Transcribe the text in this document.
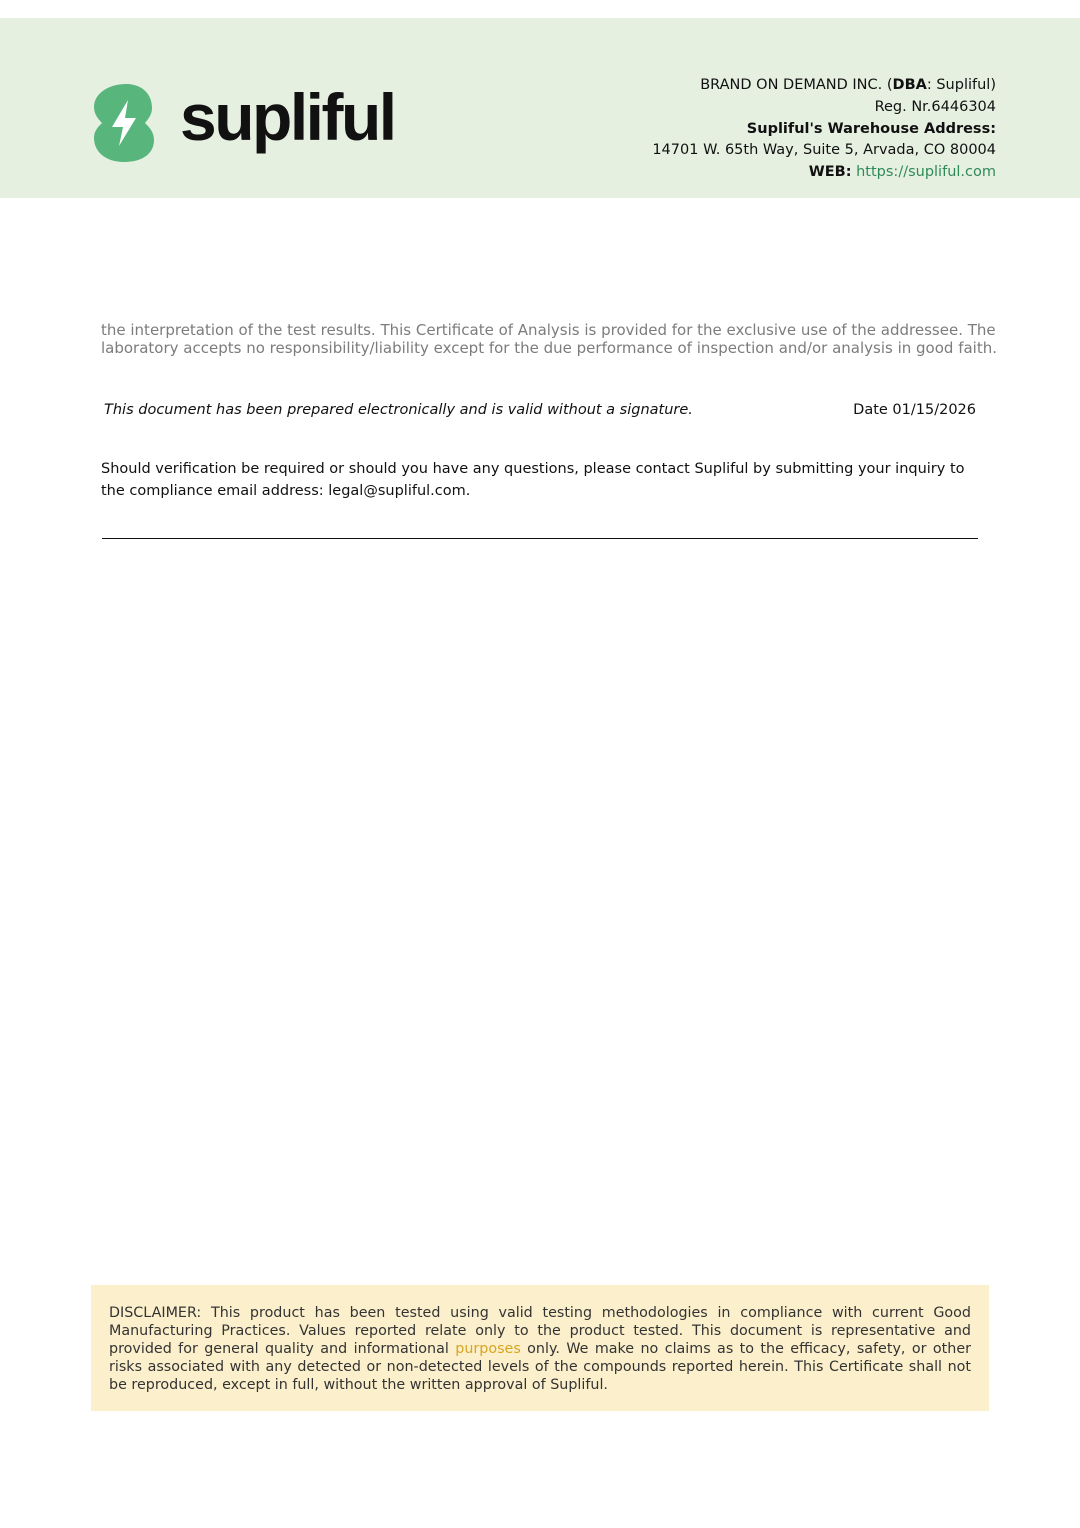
supliful	BRAND ON DEMAND INC. (DBA: Supliful)
Reg. Nr.6446304
Supliful's Warehouse Address:
14701 W. 65th Way, Suite 5, Arvada, CO 80004
WEB: https://supliful.com
the interpretation of the test results. This Certificate of Analysis is provided for the exclusive use of the addressee. The laboratory accepts no responsibility/liability except for the due performance of inspection and/or analysis in good faith.
This document has been prepared electronically and is valid without a signature.	Date 01/15/2026
Should verification be required or should you have any questions, please contact Supliful by submitting your inquiry to the compliance email address: legal@supliful.com.

DISCLAIMER: This product has been tested using valid testing methodologies in compliance with current Good Manufacturing Practices. Values reported relate only to the product tested. This document is representative and provided for general quality and informational purposes only. We make no claims as to the efficacy, safety, or other risks associated with any detected or non-detected levels of the compounds reported herein. This Certificate shall not be reproduced, except in full, without the written approval of Supliful.
